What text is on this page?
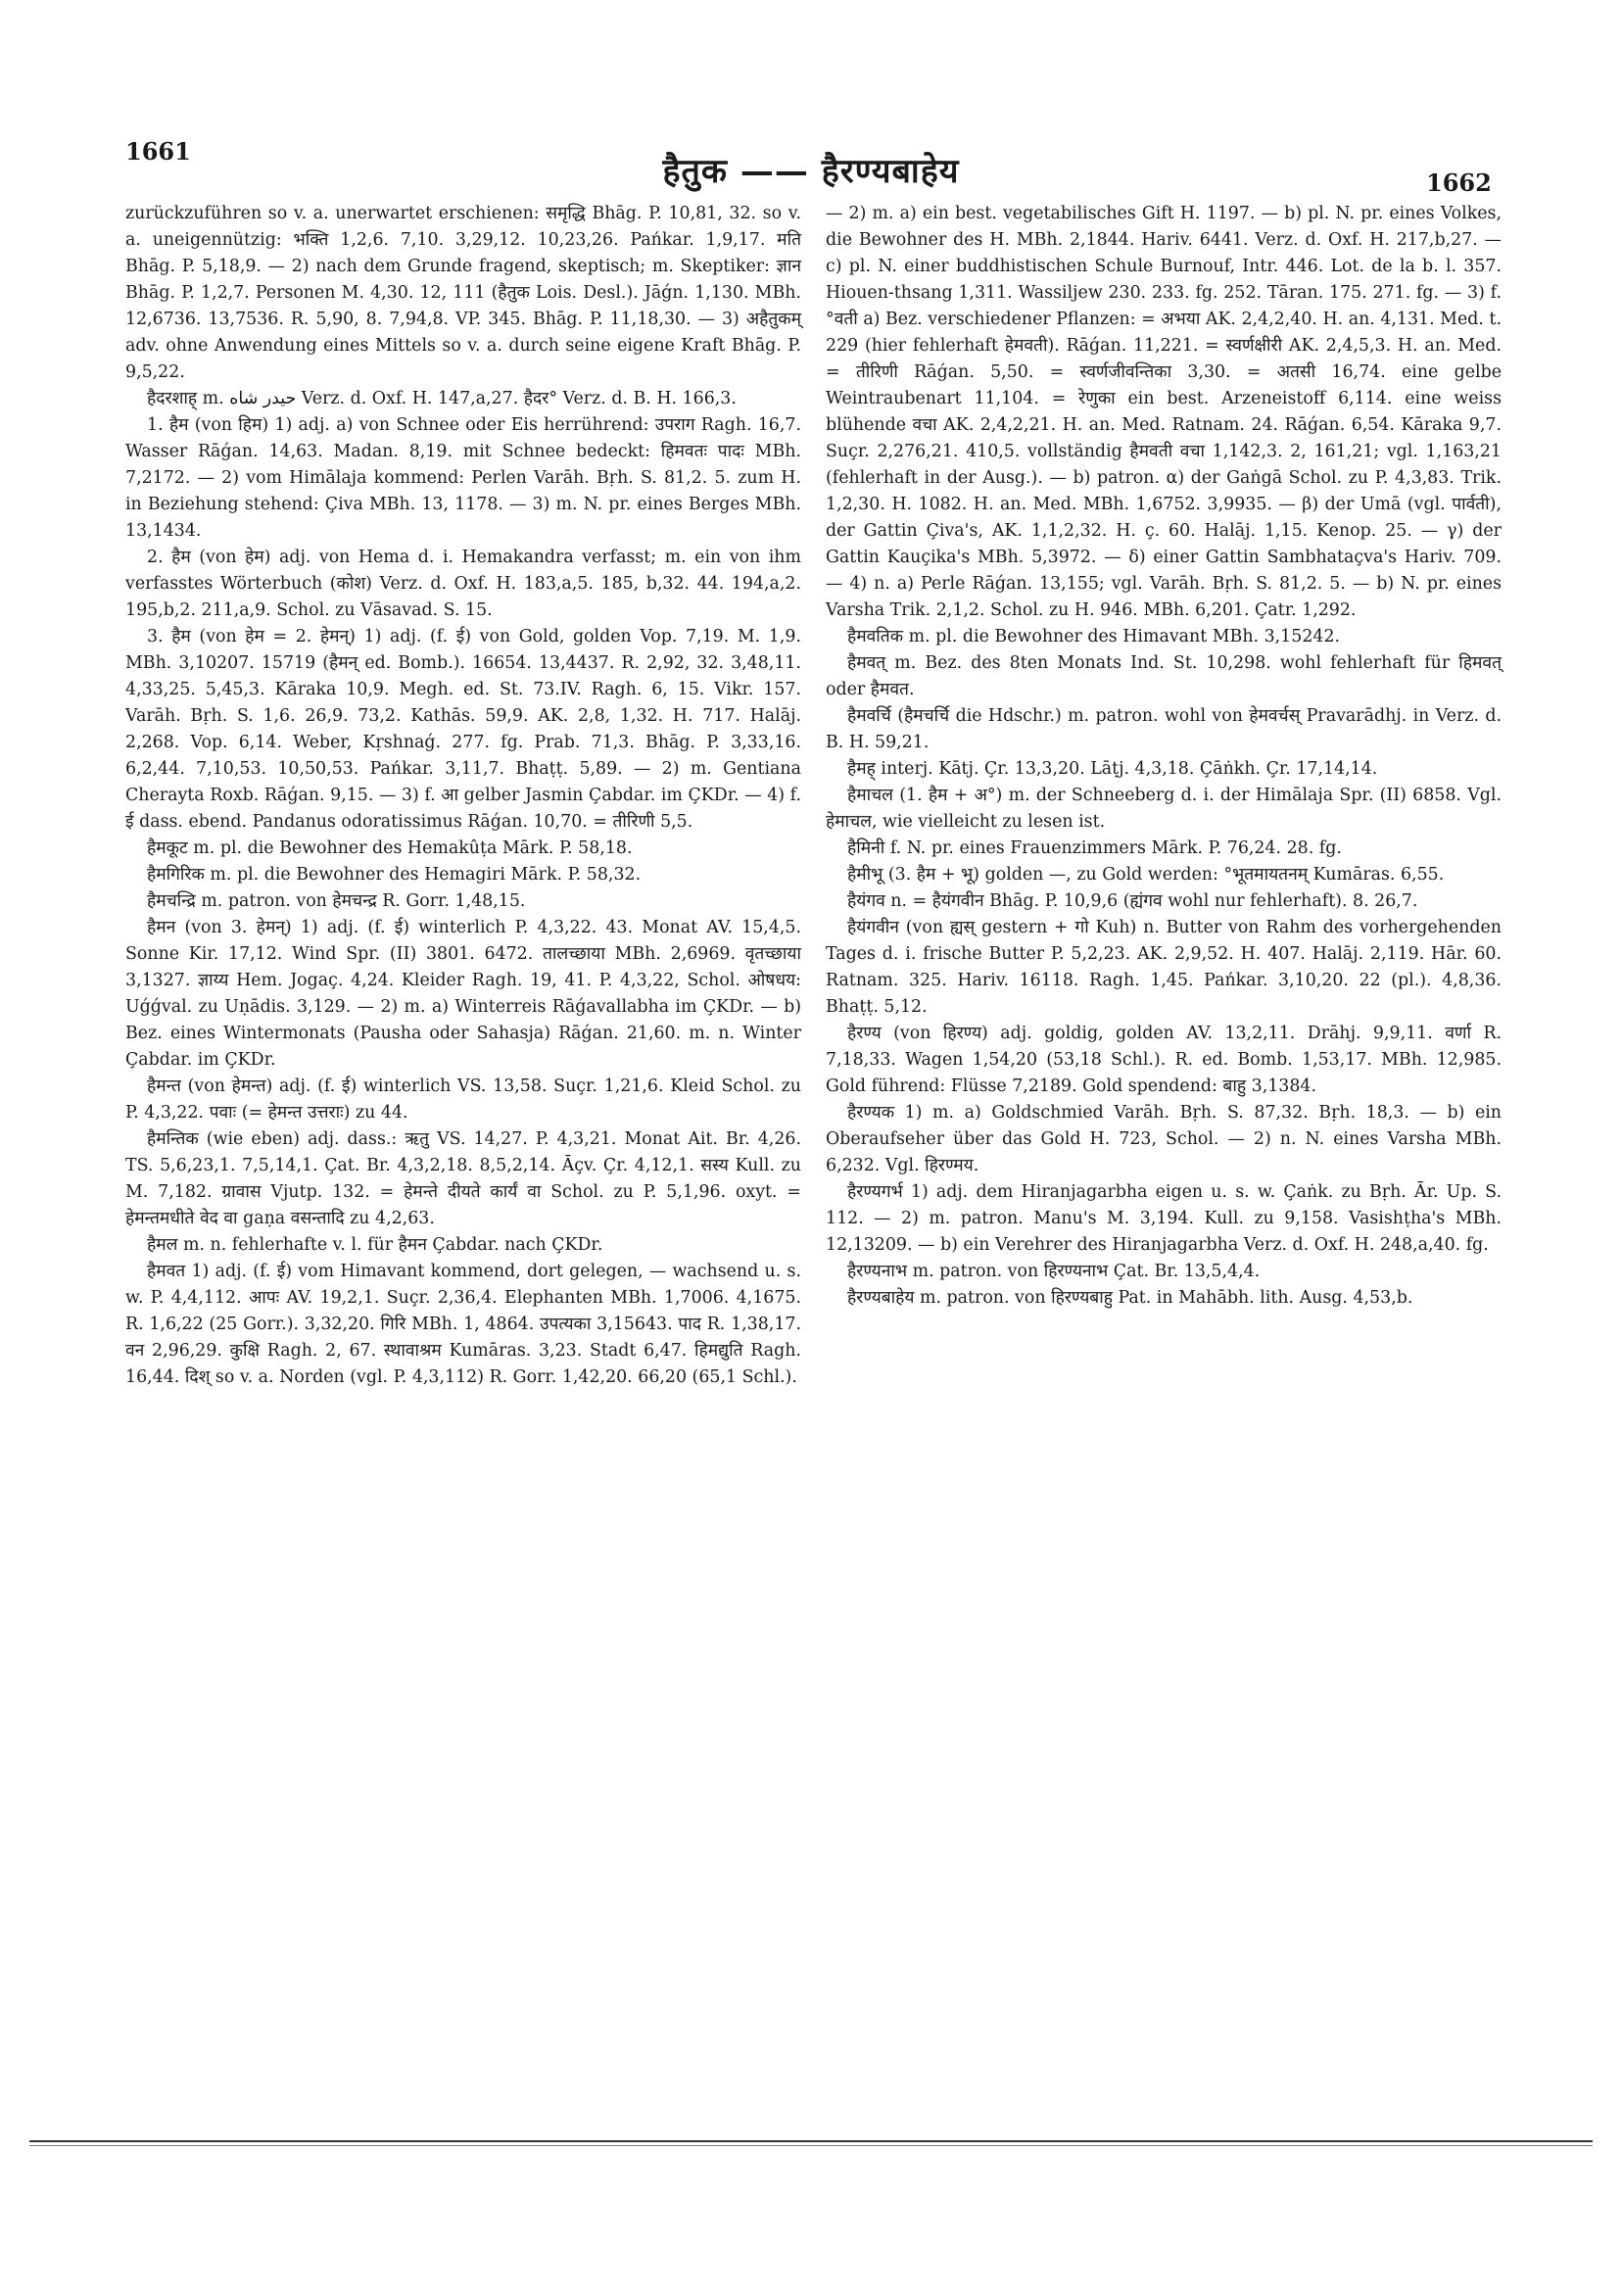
1661
हैतुक —— हैरण्यबाहेय	1662

zurückzuführen so v. a. unerwartet erschienen: समृद्धि Bhāg. P. 10,81, 32. so v. a. uneigennützig: भक्ति 1,2,6. 7,10. 3,29,12. 10,23,26. Pańkar. 1,9,17. मति Bhāg. P. 5,18,9. — 2) nach dem Grunde fragend, skeptisch; m. Skeptiker: ज्ञान Bhāg. P. 1,2,7. Personen M. 4,30. 12, 111 (हैतुक Lois. Desl.). Jāǵn. 1,130. MBh. 12,6736. 13,7536. R. 5,90, 8. 7,94,8. VP. 345. Bhāg. P. 11,18,30. — 3) अहैतुकम् adv. ohne Anwendung eines Mittels so v. a. durch seine eigene Kraft Bhāg. P. 9,5,22.

हैदरशाह् m. حیدر شاه Verz. d. Oxf. H. 147,a,27. हैदर° Verz. d. B. H. 166,3.

1. हैम (von हिम) 1) adj. a) von Schnee oder Eis herrührend: उपराग Ragh. 16,7. Wasser Rāǵan. 14,63. Madan. 8,19. mit Schnee bedeckt: हिमवतः पादः MBh. 7,2172. — 2) vom Himālaja kommend: Perlen Varāh. Bṛh. S. 81,2. 5. zum H. in Beziehung stehend: Çiva MBh. 13, 1178. — 3) m. N. pr. eines Berges MBh. 13,1434.

2. हैम (von हेम) adj. von Hema d. i. Hemakandra verfasst; m. ein von ihm verfasstes Wörterbuch (कोश) Verz. d. Oxf. H. 183,a,5. 185, b,32. 44. 194,a,2. 195,b,2. 211,a,9. Schol. zu Vāsavad. S. 15.

3. हैम (von हेम = 2. हेमन्) 1) adj. (f. ई) von Gold, golden Vop. 7,19. M. 1,9. MBh. 3,10207. 15719 (हैमन् ed. Bomb.). 16654. 13,4437. R. 2,92, 32. 3,48,11. 4,33,25. 5,45,3. Kāraka 10,9. Megh. ed. St. 73.IV. Ragh. 6, 15. Vikr. 157. Varāh. Bṛh. S. 1,6. 26,9. 73,2. Kathās. 59,9. AK. 2,8, 1,32. H. 717. Halāj. 2,268. Vop. 6,14. Weber, Kṛshnaǵ. 277. fg. Prab. 71,3. Bhāg. P. 3,33,16. 6,2,44. 7,10,53. 10,50,53. Pańkar. 3,11,7. Bhaṭṭ. 5,89. — 2) m. Gentiana Cherayta Roxb. Rāǵan. 9,15. — 3) f. आ gelber Jasmin Çabdar. im ÇKDr. — 4) f. ई dass. ebend. Pandanus odoratissimus Rāǵan. 10,70. = तीरिणी 5,5.

हैमकूट m. pl. die Bewohner des Hemakûṭa Mārk. P. 58,18.

हैमगिरिक m. pl. die Bewohner des Hemagiri Mārk. P. 58,32.

हैमचन्द्रि m. patron. von हेमचन्द्र R. Gorr. 1,48,15.

हैमन (von 3. हेमन्) 1) adj. (f. ई) winterlich P. 4,3,22. 43. Monat AV. 15,4,5. Sonne Kir. 17,12. Wind Spr. (II) 3801. 6472. तालच्छाया MBh. 2,6969. वृतच्छाया 3,1327. ज्ञाय्य Hem. Jogaç. 4,24. Kleider Ragh. 19, 41. P. 4,3,22, Schol. ओषधय: Uǵǵval. zu Uṇādis. 3,129. — 2) m. a) Winterreis Rāǵavallabha im ÇKDr. — b) Bez. eines Wintermonats (Pausha oder Sahasja) Rāǵan. 21,60. m. n. Winter Çabdar. im ÇKDr.

हैमन्त (von हेमन्त) adj. (f. ई) winterlich VS. 13,58. Suçr. 1,21,6. Kleid Schol. zu P. 4,3,22. पवाः (= हेमन्त उत्तराः) zu 44.

हैमन्तिक (wie eben) adj. dass.: ऋतु VS. 14,27. P. 4,3,21. Monat Ait. Br. 4,26. TS. 5,6,23,1. 7,5,14,1. Çat. Br. 4,3,2,18. 8,5,2,14. Āçv. Çr. 4,12,1. सस्य Kull. zu M. 7,182. ग्रावास Vjutp. 132. = हेमन्ते दीयते कार्यं वा Schol. zu P. 5,1,96. oxyt. = हेमन्तमधीते वेद वा gaṇa वसन्तादि zu 4,2,63.

हैमल m. n. fehlerhafte v. l. für हैमन Çabdar. nach ÇKDr.

हैमवत 1) adj. (f. ई) vom Himavant kommend, dort gelegen, — wachsend u. s. w. P. 4,4,112. आपः AV. 19,2,1. Suçr. 2,36,4. Elephanten MBh. 1,7006. 4,1675. R. 1,6,22 (25 Gorr.). 3,32,20. गिरि MBh. 1, 4864. उपत्यका 3,15643. पाद R. 1,38,17. वन 2,96,29. कुक्षि Ragh. 2, 67. स्थावाश्रम Kumāras. 3,23. Stadt 6,47. हिमद्युति Ragh. 16,44. दिश् so v. a. Norden (vgl. P. 4,3,112) R. Gorr. 1,42,20. 66,20 (65,1 Schl.).

— 2) m. a) ein best. vegetabilisches Gift H. 1197. — b) pl. N. pr. eines Volkes, die Bewohner des H. MBh. 2,1844. Hariv. 6441. Verz. d. Oxf. H. 217,b,27. — c) pl. N. einer buddhistischen Schule Burnouf, Intr. 446. Lot. de la b. l. 357. Hiouen-thsang 1,311. Wassiljew 230. 233. fg. 252. Tāran. 175. 271. fg. — 3) f. °वती a) Bez. verschiedener Pflanzen: = अभया AK. 2,4,2,40. H. an. 4,131. Med. t. 229 (hier fehlerhaft हेमवती). Rāǵan. 11,221. = स्वर्णक्षीरी AK. 2,4,5,3. H. an. Med. = तीरिणी Rāǵan. 5,50. = स्वर्णजीवन्तिका 3,30. = अतसी 16,74. eine gelbe Weintraubenart 11,104. = रेणुका ein best. Arzeneistoff 6,114. eine weiss blühende वचा AK. 2,4,2,21. H. an. Med. Ratnam. 24. Rāǵan. 6,54. Kāraka 9,7. Suçr. 2,276,21. 410,5. vollständig हैमवती वचा 1,142,3. 2, 161,21; vgl. 1,163,21 (fehlerhaft in der Ausg.). — b) patron. α) der Gaṅgā Schol. zu P. 4,3,83. Trik. 1,2,30. H. 1082. H. an. Med. MBh. 1,6752. 3,9935. — β) der Umā (vgl. पार्वती), der Gattin Çiva's, AK. 1,1,2,32. H. ç. 60. Halāj. 1,15. Kenop. 25. — γ) der Gattin Kauçika's MBh. 5,3972. — δ) einer Gattin Sambhataçva's Hariv. 709. — 4) n. a) Perle Rāǵan. 13,155; vgl. Varāh. Bṛh. S. 81,2. 5. — b) N. pr. eines Varsha Trik. 2,1,2. Schol. zu H. 946. MBh. 6,201. Çatr. 1,292.

हैमवतिक m. pl. die Bewohner des Himavant MBh. 3,15242.

हैमवत् m. Bez. des 8ten Monats Ind. St. 10,298. wohl fehlerhaft für हिमवत् oder हैमवत.

हैमवर्चि (हैमचर्चि die Hdschr.) m. patron. wohl von हेमवर्चस् Pravarādhj. in Verz. d. B. H. 59,21.

हैमह् interj. Kātj. Çr. 13,3,20. Lāṭj. 4,3,18. Çāṅkh. Çr. 17,14,14.

हैमाचल (1. हैम + अ°) m. der Schneeberg d. i. der Himālaja Spr. (II) 6858. Vgl. हेमाचल, wie vielleicht zu lesen ist.

हैमिनी f. N. pr. eines Frauenzimmers Mārk. P. 76,24. 28. fg.

हैमीभू (3. हैम + भू) golden —, zu Gold werden: °भूतमायतनम् Kumāras. 6,55.

हैयंगव n. = हैयंगवीन Bhāg. P. 10,9,6 (ह्यंगव wohl nur fehlerhaft). 8. 26,7.

हैयंगवीन (von ह्यस् gestern + गो Kuh) n. Butter von Rahm des vorhergehenden Tages d. i. frische Butter P. 5,2,23. AK. 2,9,52. H. 407. Halāj. 2,119. Hār. 60. Ratnam. 325. Hariv. 16118. Ragh. 1,45. Pańkar. 3,10,20. 22 (pl.). 4,8,36. Bhaṭṭ. 5,12.

हैरण्य (von हिरण्य) adj. goldig, golden AV. 13,2,11. Drāhj. 9,9,11. वर्णा R. 7,18,33. Wagen 1,54,20 (53,18 Schl.). R. ed. Bomb. 1,53,17. MBh. 12,985. Gold führend: Flüsse 7,2189. Gold spendend: बाहु 3,1384.

हैरण्यक 1) m. a) Goldschmied Varāh. Bṛh. S. 87,32. Bṛh. 18,3. — b) ein Oberaufseher über das Gold H. 723, Schol. — 2) n. N. eines Varsha MBh. 6,232. Vgl. हिरण्मय.

हैरण्यगर्भ 1) adj. dem Hiranjagarbha eigen u. s. w. Çaṅk. zu Bṛh. Ār. Up. S. 112. — 2) m. patron. Manu's M. 3,194. Kull. zu 9,158. Vasishṭha's MBh. 12,13209. — b) ein Verehrer des Hiranjagarbha Verz. d. Oxf. H. 248,a,40. fg.

हैरण्यनाभ m. patron. von हिरण्यनाभ Çat. Br. 13,5,4,4.

हैरण्यबाहेय m. patron. von हिरण्यबाहु Pat. in Mahābh. lith. Ausg. 4,53,b.
